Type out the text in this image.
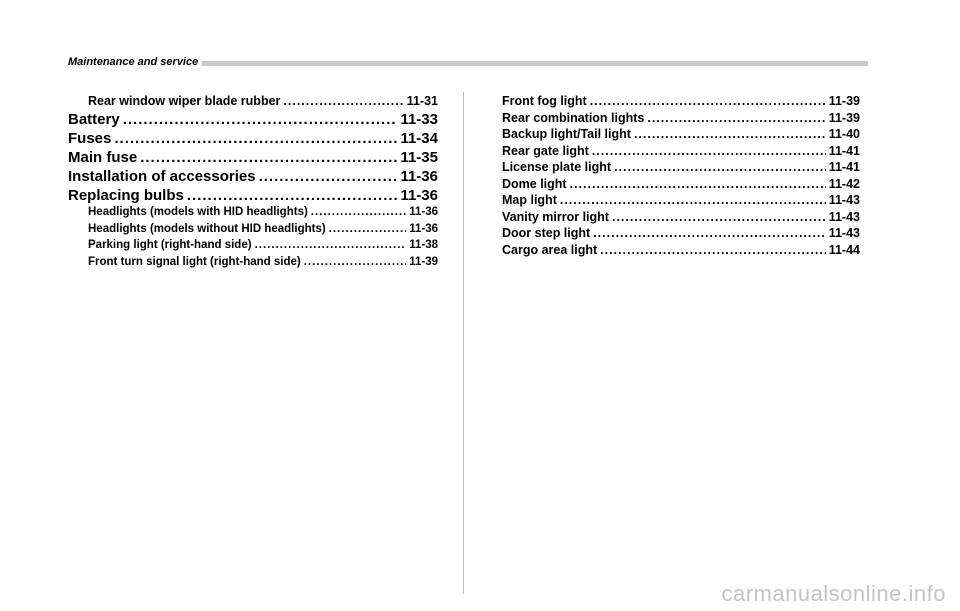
Maintenance and service
Rear window wiper blade rubber .....	11-31
Battery .....	11-33
Fuses .....	11-34
Main fuse .....	11-35
Installation of accessories .....	11-36
Replacing bulbs .....	11-36
Headlights (models with HID headlights) .....	11-36
Headlights (models without HID headlights) .....	11-36
Parking light (right-hand side) .....	11-38
Front turn signal light (right-hand side) .....	11-39
Front fog light .....	11-39
Rear combination lights .....	11-39
Backup light/Tail light .....	11-40
Rear gate light .....	11-41
License plate light .....	11-41
Dome light .....	11-42
Map light .....	11-43
Vanity mirror light .....	11-43
Door step light .....	11-43
Cargo area light .....	11-44
carmanualsonline.info
